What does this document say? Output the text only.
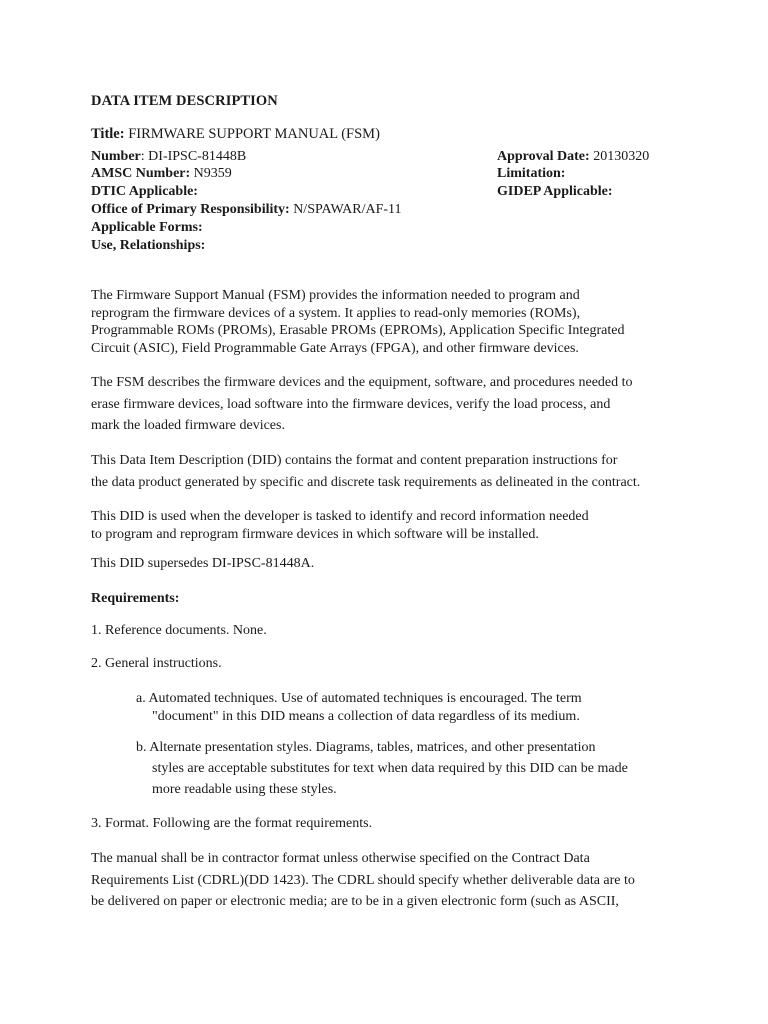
DATA ITEM DESCRIPTION
Title: FIRMWARE SUPPORT MANUAL (FSM)
Number: DI-IPSC-81448B
AMSC Number: N9359
DTIC Applicable:
Office of Primary Responsibility: N/SPAWAR/AF-11
Applicable Forms:
Use, Relationships:
Approval Date: 20130320
Limitation:
GIDEP Applicable:
The Firmware Support Manual (FSM) provides the information needed to program and
reprogram the firmware devices of a system. It applies to read-only memories (ROMs),
Programmable ROMs (PROMs), Erasable PROMs (EPROMs), Application Specific Integrated
Circuit (ASIC), Field Programmable Gate Arrays (FPGA), and other firmware devices.
The FSM describes the firmware devices and the equipment, software, and procedures needed to
erase firmware devices, load software into the firmware devices, verify the load process, and
mark the loaded firmware devices.
This Data Item Description (DID) contains the format and content preparation instructions for
the data product generated by specific and discrete task requirements as delineated in the contract.
This DID is used when the developer is tasked to identify and record information needed
to program and reprogram firmware devices in which software will be installed.
This DID supersedes DI-IPSC-81448A.
Requirements:
1. Reference documents. None.
2. General instructions.
a. Automated techniques. Use of automated techniques is encouraged. The term
"document" in this DID means a collection of data regardless of its medium.
b. Alternate presentation styles. Diagrams, tables, matrices, and other presentation
styles are acceptable substitutes for text when data required by this DID can be made
more readable using these styles.
3. Format. Following are the format requirements.
The manual shall be in contractor format unless otherwise specified on the Contract Data
Requirements List (CDRL)(DD 1423). The CDRL should specify whether deliverable data are to
be delivered on paper or electronic media; are to be in a given electronic form (such as ASCII,
